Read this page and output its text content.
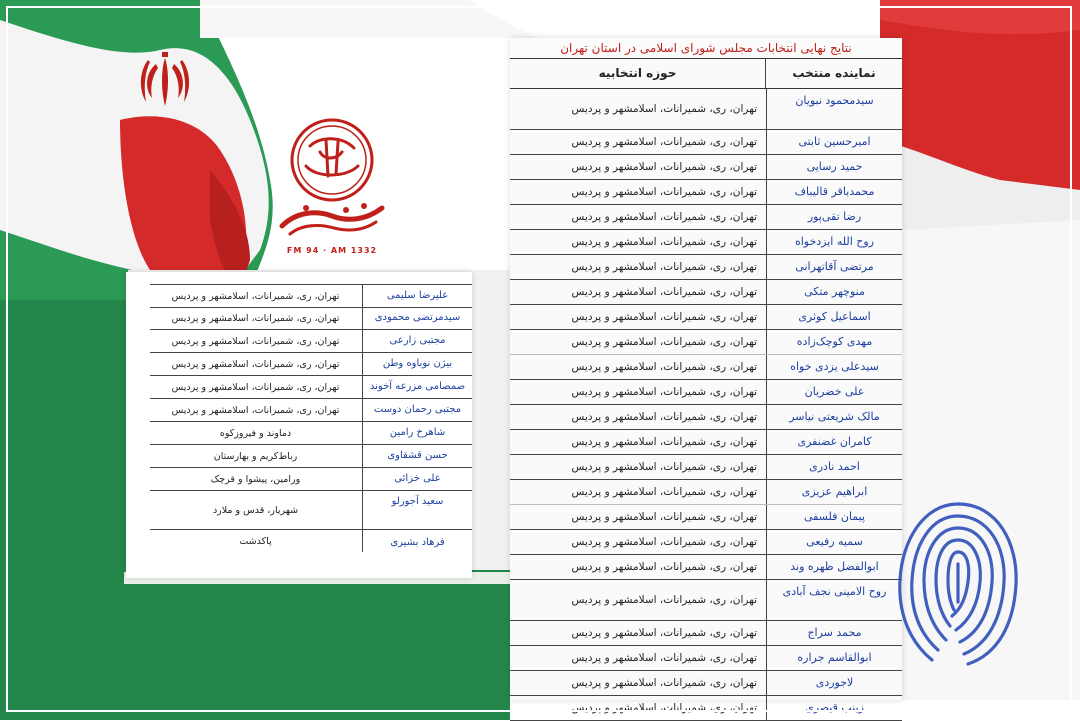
FM 94 · AM 1332
علیرضا سلیمی
تهران، ری، شمیرانات، اسلامشهر و پردیس
سیدمرتضی محمودی
تهران، ری، شمیرانات، اسلامشهر و پردیس
مجتبی زارعی
تهران، ری، شمیرانات، اسلامشهر و پردیس
بیژن نوباوه وطن
تهران، ری، شمیرانات، اسلامشهر و پردیس
صمصامی مزرعه آخوند
تهران، ری، شمیرانات، اسلامشهر و پردیس
مجتبی رحمان دوست
تهران، ری، شمیرانات، اسلامشهر و پردیس
شاهرخ رامین
دماوند و فیروزکوه
حسن قشقاوی
رباط‌کریم و بهارستان
علی خزائی
ورامین، پیشوا و قرچک
سعید آجورلو
شهریار، قدس و ملارد
فرهاد بشیری
پاکدشت
نتایج نهایی انتخابات مجلس شورای اسلامی در استان تهران
نماینده منتخب
حوزه انتخابیه
سیدمحمود نبویان
تهران، ری، شمیرانات، اسلامشهر و پردیس
امیرحسین ثابتی
تهران، ری، شمیرانات، اسلامشهر و پردیس
حمید رسایی
تهران، ری، شمیرانات، اسلامشهر و پردیس
محمدباقر قالیباف
تهران، ری، شمیرانات، اسلامشهر و پردیس
رضا تقی‌پور
تهران، ری، شمیرانات، اسلامشهر و پردیس
روح الله ایزدخواه
تهران، ری، شمیرانات، اسلامشهر و پردیس
مرتضی آقاتهرانی
تهران، ری، شمیرانات، اسلامشهر و پردیس
منوچهر متکی
تهران، ری، شمیرانات، اسلامشهر و پردیس
اسماعیل کوثری
تهران، ری، شمیرانات، اسلامشهر و پردیس
مهدی کوچک‌زاده
تهران، ری، شمیرانات، اسلامشهر و پردیس
سیدعلی یزدی خواه
تهران، ری، شمیرانات، اسلامشهر و پردیس
علی خضریان
تهران، ری، شمیرانات، اسلامشهر و پردیس
مالک شریعتی نیاسر
تهران، ری، شمیرانات، اسلامشهر و پردیس
کامران غضنفری
تهران، ری، شمیرانات، اسلامشهر و پردیس
احمد نادری
تهران، ری، شمیرانات، اسلامشهر و پردیس
ابراهیم عزیزی
تهران، ری، شمیرانات، اسلامشهر و پردیس
پیمان فلسفی
تهران، ری، شمیرانات، اسلامشهر و پردیس
سمیه رفیعی
تهران، ری، شمیرانات، اسلامشهر و پردیس
ابوالفضل ظهره وند
تهران، ری، شمیرانات، اسلامشهر و پردیس
روح الامینی نجف آبادی
تهران، ری، شمیرانات، اسلامشهر و پردیس
محمد سراج
تهران، ری، شمیرانات، اسلامشهر و پردیس
ابوالقاسم جراره
تهران، ری، شمیرانات، اسلامشهر و پردیس
لاجوردی
تهران، ری، شمیرانات، اسلامشهر و پردیس
زینب قیصری
تهران، ری، شمیرانات، اسلامشهر و پردیس
